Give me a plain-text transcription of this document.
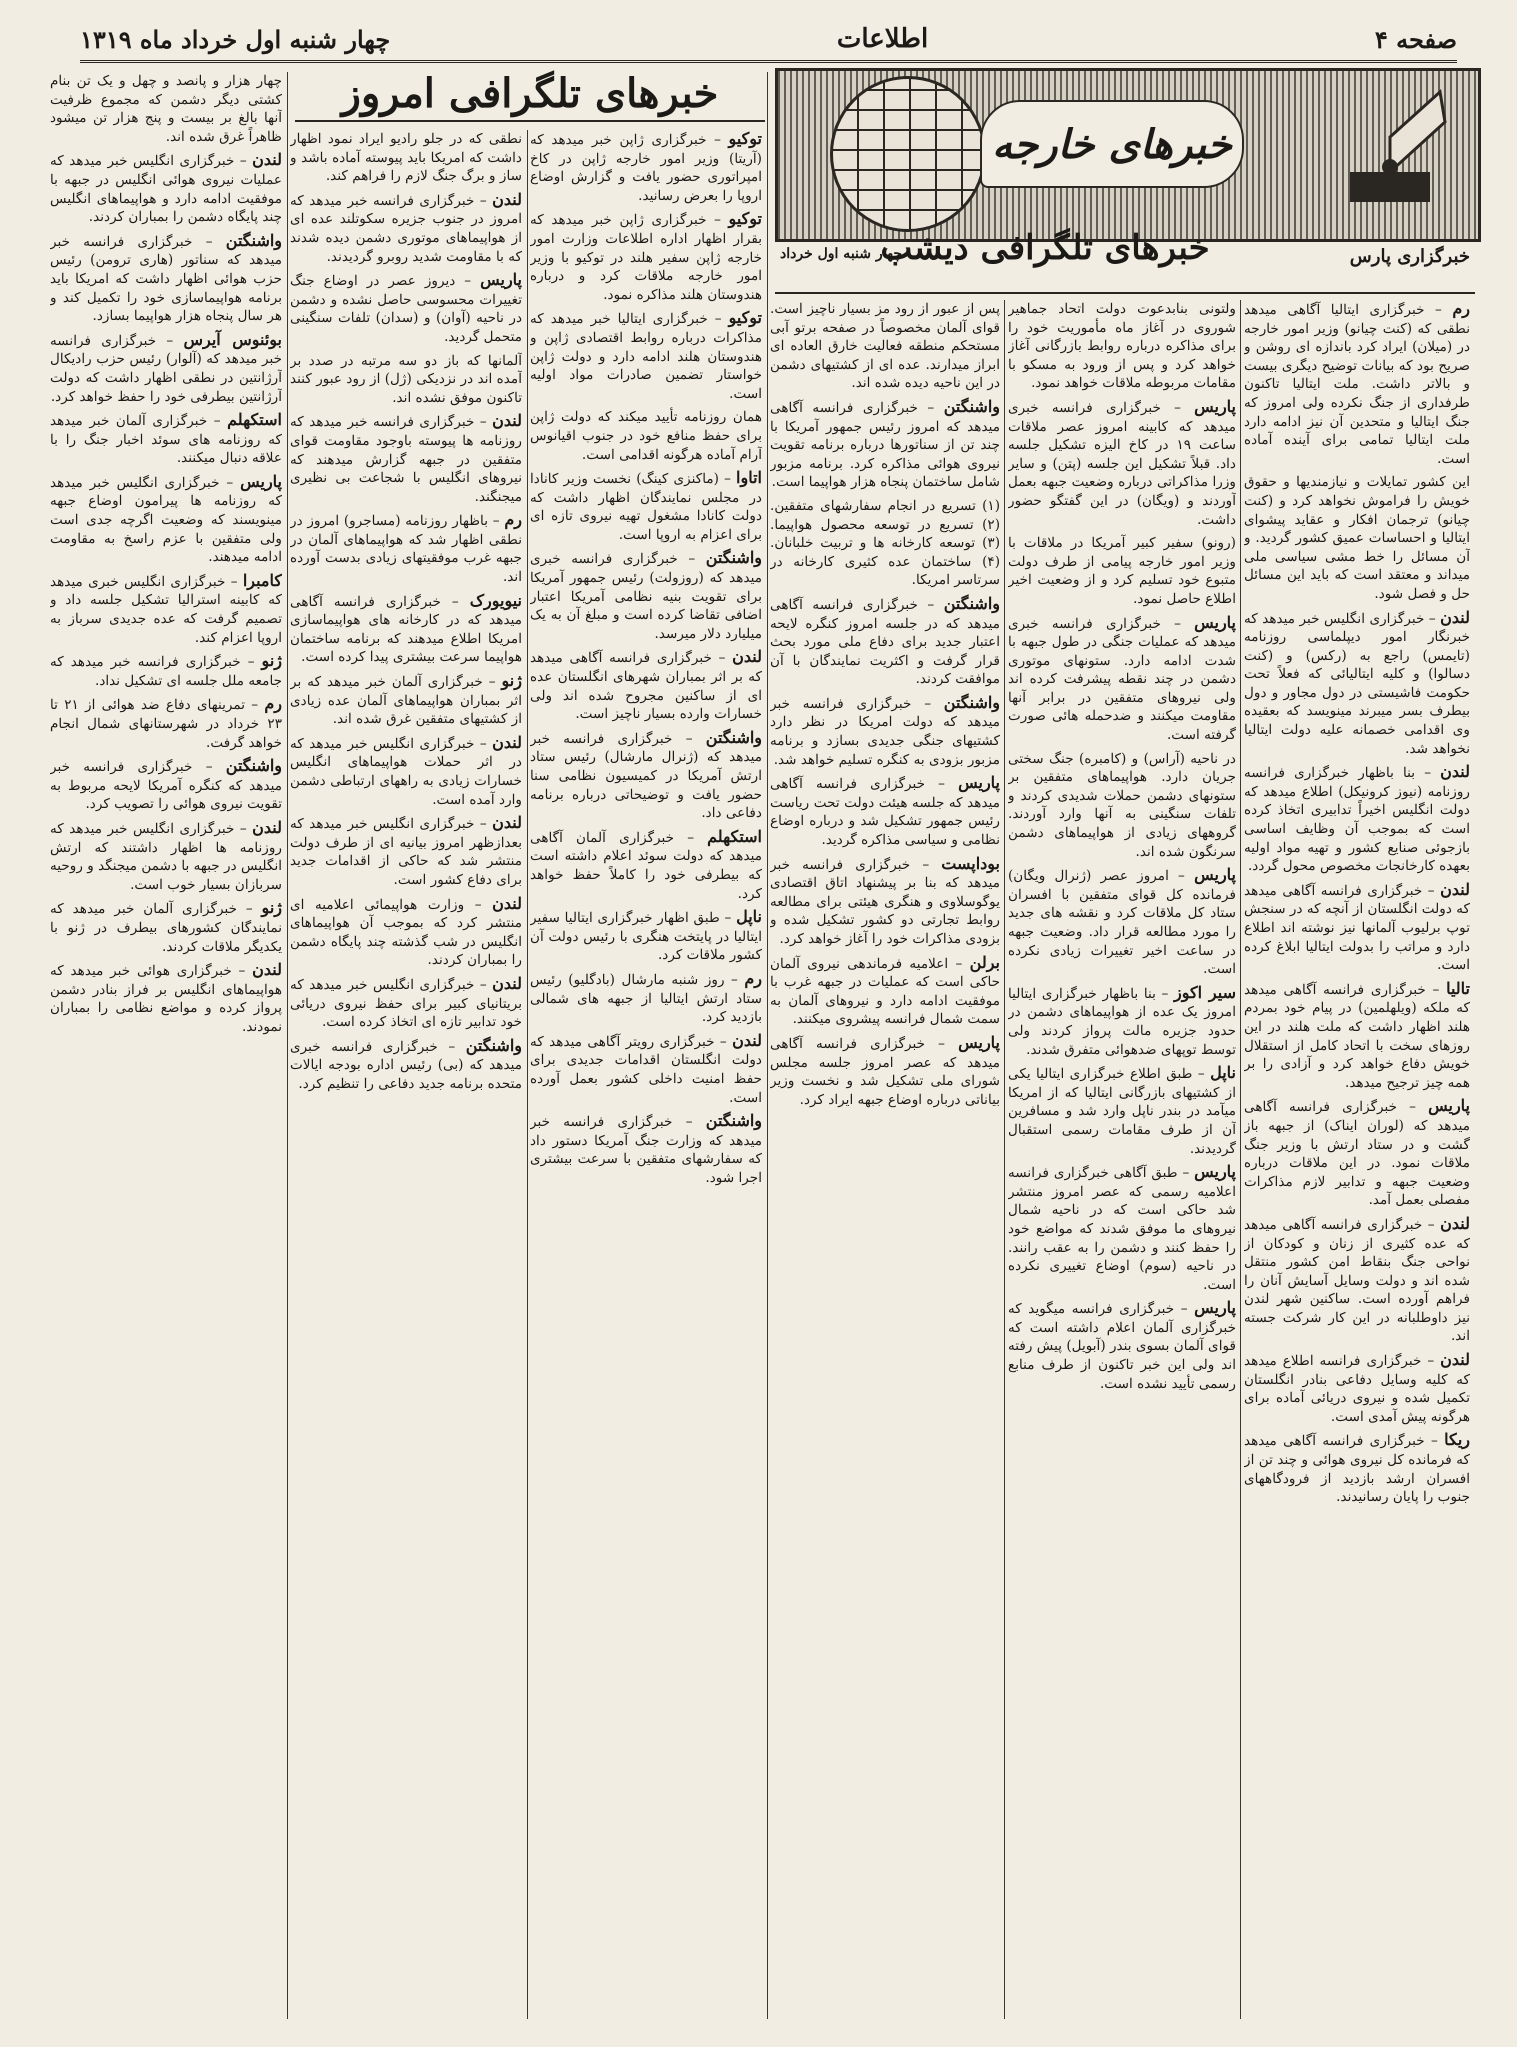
صفحه ۴
اطلاعات
چهار شنبه اول خرداد ماه ۱۳۱۹
خبرهای خارجه
خبرگزاری پارس
خبرهای تلگرافی دیشب
چهار شنبه اول خرداد
خبرهای تلگرافی امروز

رم – خبرگزاری ایتالیا آگاهی میدهد نطقی که (کنت چیانو) وزیر امور خارجه در (میلان) ایراد کرد باندازه ای روشن و صریح بود که بیانات توضیح دیگری بیست و بالاتر داشت. ملت ایتالیا تاکنون طرفداری از جنگ نکرده ولی امروز که جنگ ایتالیا و متحدین آن نیز ادامه دارد ملت ایتالیا تمامی برای آینده آماده است.

این کشور تمایلات و نیازمندیها و حقوق خویش را فراموش نخواهد کرد و (کنت چیانو) ترجمان افکار و عقاید پیشوای ایتالیا و احساسات عمیق کشور گردید. و آن مسائل را خط مشی سیاسی ملی میداند و معتقد است که باید این مسائل حل و فصل شود.

لندن – خبرگزاری انگلیس خبر میدهد که خبرنگار امور دیپلماسی روزنامه (تایمس) راجع به (رکس) و (کنت دسالوا) و کلیه ایتالیائی که فعلاً تحت حکومت فاشیستی در دول مجاور و دول بیطرف بسر میبرند مینویسد که بعقیده وی اقدامی خصمانه علیه دولت ایتالیا نخواهد شد.

لندن – بنا باظهار خبرگزاری فرانسه روزنامه (نیوز کرونیکل) اطلاع میدهد که دولت انگلیس اخیراً تدابیری اتخاذ کرده است که بموجب آن وظایف اساسی بازجوئی صنایع کشور و تهیه مواد اولیه بعهده کارخانجات مخصوص محول گردد.

لندن – خبرگزاری فرانسه آگاهی میدهد که دولت انگلستان از آنچه که در سنجش توپ برلیوب آلمانها نیز نوشته اند اطلاع دارد و مراتب را بدولت ایتالیا ابلاغ کرده است.

تالیا – خبرگزاری فرانسه آگاهی میدهد که ملکه (ویلهلمین) در پیام خود بمردم هلند اظهار داشت که ملت هلند در این روزهای سخت با اتحاد کامل از استقلال خویش دفاع خواهد کرد و آزادی را بر همه چیز ترجیح میدهد.

پاریس – خبرگزاری فرانسه آگاهی میدهد که (لوران ایناک) از جبهه باز گشت و در ستاد ارتش با وزیر جنگ ملاقات نمود. در این ملاقات درباره وضعیت جبهه و تدابیر لازم مذاکرات مفصلی بعمل آمد.

لندن – خبرگزاری فرانسه آگاهی میدهد که عده کثیری از زنان و کودکان از نواحی جنگ بنقاط امن کشور منتقل شده اند و دولت وسایل آسایش آنان را فراهم آورده است. ساکنین شهر لندن نیز داوطلبانه در این کار شرکت جسته اند.

لندن – خبرگزاری فرانسه اطلاع میدهد که کلیه وسایل دفاعی بنادر انگلستان تکمیل شده و نیروی دریائی آماده برای هرگونه پیش آمدی است.

ریکا – خبرگزاری فرانسه آگاهی میدهد که فرمانده کل نیروی هوائی و چند تن از افسران ارشد بازدید از فرودگاههای جنوب را پایان رسانیدند.

ولتونی بنابدعوت دولت اتحاد جماهیر شوروی در آغاز ماه مأموریت خود را برای مذاکره درباره روابط بازرگانی آغاز خواهد کرد و پس از ورود به مسکو با مقامات مربوطه ملاقات خواهد نمود.

پاریس – خبرگزاری فرانسه خبری میدهد که کابینه امروز عصر ملاقات ساعت ۱۹ در کاخ الیزه تشکیل جلسه داد. قبلاً تشکیل این جلسه (پتن) و سایر وزرا مذاکراتی درباره وضعیت جبهه بعمل آوردند و (ویگان) در این گفتگو حضور داشت.

(رونو) سفیر کبیر آمریکا در ملاقات با وزیر امور خارجه پیامی از طرف دولت متبوع خود تسلیم کرد و از وضعیت اخیر اطلاع حاصل نمود.

پاریس – خبرگزاری فرانسه خبری میدهد که عملیات جنگی در طول جبهه با شدت ادامه دارد. ستونهای موتوری دشمن در چند نقطه پیشرفت کرده اند ولی نیروهای متفقین در برابر آنها مقاومت میکنند و ضدحمله هائی صورت گرفته است.

در ناحیه (آراس) و (کامبره) جنگ سختی جریان دارد. هواپیماهای متفقین بر ستونهای دشمن حملات شدیدی کردند و تلفات سنگینی به آنها وارد آوردند. گروههای زیادی از هواپیماهای دشمن سرنگون شده اند.

پاریس – امروز عصر (ژنرال ویگان) فرمانده کل قوای متفقین با افسران ستاد کل ملاقات کرد و نقشه های جدید را مورد مطالعه قرار داد. وضعیت جبهه در ساعت اخیر تغییرات زیادی نکرده است.

سیر اکوز – بنا باظهار خبرگزاری ایتالیا امروز یک عده از هواپیماهای دشمن در حدود جزیره مالت پرواز کردند ولی توسط توپهای ضدهوائی متفرق شدند.

ناپل – طبق اطلاع خبرگزاری ایتالیا یکی از کشتیهای بازرگانی ایتالیا که از امریکا میآمد در بندر ناپل وارد شد و مسافرین آن از طرف مقامات رسمی استقبال گردیدند.

پاریس – طبق آگاهی خبرگزاری فرانسه اعلامیه رسمی که عصر امروز منتشر شد حاکی است که در ناحیه شمال نیروهای ما موفق شدند که مواضع خود را حفظ کنند و دشمن را به عقب رانند. در ناحیه (سوم) اوضاع تغییری نکرده است.

پاریس – خبرگزاری فرانسه میگوید که خبرگزاری آلمان اعلام داشته است که قوای آلمان بسوی بندر (آبویل) پیش رفته اند ولی این خبر تاکنون از طرف منابع رسمی تأیید نشده است.

پس از عبور از رود مز بسیار ناچیز است. قوای آلمان مخصوصاً در صفحه برتو آبی مستحکم منطقه فعالیت خارق العاده ای ابراز میدارند. عده ای از کشتیهای دشمن در این ناحیه دیده شده اند.

واشنگتن – خبرگزاری فرانسه آگاهی میدهد که امروز رئیس جمهور آمریکا با چند تن از سناتورها درباره برنامه تقویت نیروی هوائی مذاکره کرد. برنامه مزبور شامل ساختمان پنجاه هزار هواپیما است.

(۱) تسریع در انجام سفارشهای متفقین. (۲) تسریع در توسعه محصول هواپیما. (۳) توسعه کارخانه ها و تربیت خلبانان. (۴) ساختمان عده کثیری کارخانه در سرتاسر امریکا.

واشنگتن – خبرگزاری فرانسه آگاهی میدهد که در جلسه امروز کنگره لایحه اعتبار جدید برای دفاع ملی مورد بحث قرار گرفت و اکثریت نمایندگان با آن موافقت کردند.

واشنگتن – خبرگزاری فرانسه خبر میدهد که دولت امریکا در نظر دارد کشتیهای جنگی جدیدی بسازد و برنامه مزبور بزودی به کنگره تسلیم خواهد شد.

پاریس – خبرگزاری فرانسه آگاهی میدهد که جلسه هیئت دولت تحت ریاست رئیس جمهور تشکیل شد و درباره اوضاع نظامی و سیاسی مذاکره گردید.

بوداپست – خبرگزاری فرانسه خبر میدهد که بنا بر پیشنهاد اتاق اقتصادی یوگوسلاوی و هنگری هیئتی برای مطالعه روابط تجارتی دو کشور تشکیل شده و بزودی مذاکرات خود را آغاز خواهد کرد.

برلن – اعلامیه فرماندهی نیروی آلمان حاکی است که عملیات در جبهه غرب با موفقیت ادامه دارد و نیروهای آلمان به سمت شمال فرانسه پیشروی میکنند.

پاریس – خبرگزاری فرانسه آگاهی میدهد که عصر امروز جلسه مجلس شورای ملی تشکیل شد و نخست وزیر بیاناتی درباره اوضاع جبهه ایراد کرد.

توکیو – خبرگزاری ژاپن خبر میدهد که (آریتا) وزیر امور خارجه ژاپن در کاخ امپراتوری حضور یافت و گزارش اوضاع اروپا را بعرض رسانید.

توکیو – خبرگزاری ژاپن خبر میدهد که بقرار اظهار اداره اطلاعات وزارت امور خارجه ژاپن سفیر هلند در توکیو با وزیر امور خارجه ملاقات کرد و درباره هندوستان هلند مذاکره نمود.

توکیو – خبرگزاری ایتالیا خبر میدهد که مذاکرات درباره روابط اقتصادی ژاپن و هندوستان هلند ادامه دارد و دولت ژاپن خواستار تضمین صادرات مواد اولیه است.

همان روزنامه تأیید میکند که دولت ژاپن برای حفظ منافع خود در جنوب اقیانوس آرام آماده هرگونه اقدامی است.

اتاوا – (ماکنزی کینگ) نخست وزیر کانادا در مجلس نمایندگان اظهار داشت که دولت کانادا مشغول تهیه نیروی تازه ای برای اعزام به اروپا است.

واشنگتن – خبرگزاری فرانسه خبری میدهد که (روزولت) رئیس جمهور آمریکا برای تقویت بنیه نظامی آمریکا اعتبار اضافی تقاضا کرده است و مبلغ آن به یک میلیارد دلار میرسد.

لندن – خبرگزاری فرانسه آگاهی میدهد که بر اثر بمباران شهرهای انگلستان عده ای از ساکنین مجروح شده اند ولی خسارات وارده بسیار ناچیز است.

واشنگتن – خبرگزاری فرانسه خبر میدهد که (ژنرال مارشال) رئیس ستاد ارتش آمریکا در کمیسیون نظامی سنا حضور یافت و توضیحاتی درباره برنامه دفاعی داد.

استکهلم – خبرگزاری آلمان آگاهی میدهد که دولت سوئد اعلام داشته است که بیطرفی خود را کاملاً حفظ خواهد کرد.

ناپل – طبق اظهار خبرگزاری ایتالیا سفیر ایتالیا در پایتخت هنگری با رئیس دولت آن کشور ملاقات کرد.

رم – روز شنبه مارشال (بادگلیو) رئیس ستاد ارتش ایتالیا از جبهه های شمالی بازدید کرد.

لندن – خبرگزاری رویتر آگاهی میدهد که دولت انگلستان اقدامات جدیدی برای حفظ امنیت داخلی کشور بعمل آورده است.

واشنگتن – خبرگزاری فرانسه خبر میدهد که وزارت جنگ آمریکا دستور داد که سفارشهای متفقین با سرعت بیشتری اجرا شود.

نطقی که در جلو رادیو ایراد نمود اظهار داشت که امریکا باید پیوسته آماده باشد و ساز و برگ جنگ لازم را فراهم کند.

لندن – خبرگزاری فرانسه خبر میدهد که امروز در جنوب جزیره سکوتلند عده ای از هواپیماهای موتوری دشمن دیده شدند که با مقاومت شدید روبرو گردیدند.

پاریس – دیروز عصر در اوضاع جنگ تغییرات محسوسی حاصل نشده و دشمن در ناحیه (آوان) و (سدان) تلفات سنگینی متحمل گردید.

آلمانها که باز دو سه مرتبه در صدد بر آمده اند در نزدیکی (ژل) از رود عبور کنند تاکنون موفق نشده اند.

لندن – خبرگزاری فرانسه خبر میدهد که روزنامه ها پیوسته باوجود مقاومت قوای متفقین در جبهه گزارش میدهند که نیروهای انگلیس با شجاعت بی نظیری میجنگند.

رم – باظهار روزنامه (مساجرو) امروز در نطقی اظهار شد که هواپیماهای آلمان در جبهه غرب موفقیتهای زیادی بدست آورده اند.

نیویورک – خبرگزاری فرانسه آگاهی میدهد که در کارخانه های هواپیماسازی امریکا اطلاع میدهند که برنامه ساختمان هواپیما سرعت بیشتری پیدا کرده است.

ژنو – خبرگزاری آلمان خبر میدهد که بر اثر بمباران هواپیماهای آلمان عده زیادی از کشتیهای متفقین غرق شده اند.

لندن – خبرگزاری انگلیس خبر میدهد که در اثر حملات هواپیماهای انگلیس خسارات زیادی به راههای ارتباطی دشمن وارد آمده است.

لندن – خبرگزاری انگلیس خبر میدهد که بعدازظهر امروز بیانیه ای از طرف دولت منتشر شد که حاکی از اقدامات جدید برای دفاع کشور است.

لندن – وزارت هواپیمائی اعلامیه ای منتشر کرد که بموجب آن هواپیماهای انگلیس در شب گذشته چند پایگاه دشمن را بمباران کردند.

لندن – خبرگزاری انگلیس خبر میدهد که بریتانیای کبیر برای حفظ نیروی دریائی خود تدابیر تازه ای اتخاذ کرده است.

واشنگتن – خبرگزاری فرانسه خبری میدهد که (بی) رئیس اداره بودجه ایالات متحده برنامه جدید دفاعی را تنظیم کرد.

چهار هزار و پانصد و چهل و یک تن بنام کشتی دیگر دشمن که مجموع ظرفیت آنها بالغ بر بیست و پنج هزار تن میشود ظاهراً غرق شده اند.

لندن – خبرگزاری انگلیس خبر میدهد که عملیات نیروی هوائی انگلیس در جبهه با موفقیت ادامه دارد و هواپیماهای انگلیس چند پایگاه دشمن را بمباران کردند.

واشنگتن – خبرگزاری فرانسه خبر میدهد که سناتور (هاری ترومن) رئیس حزب هوائی اظهار داشت که امریکا باید برنامه هواپیماسازی خود را تکمیل کند و هر سال پنجاه هزار هواپیما بسازد.

بوئنوس آیرس – خبرگزاری فرانسه خبر میدهد که (آلوار) رئیس حزب رادیکال آرژانتین در نطقی اظهار داشت که دولت آرژانتین بیطرفی خود را حفظ خواهد کرد.

استکهلم – خبرگزاری آلمان خبر میدهد که روزنامه های سوئد اخبار جنگ را با علاقه دنبال میکنند.

پاریس – خبرگزاری انگلیس خبر میدهد که روزنامه ها پیرامون اوضاع جبهه مینویسند که وضعیت اگرچه جدی است ولی متفقین با عزم راسخ به مقاومت ادامه میدهند.

کامبرا – خبرگزاری انگلیس خبری میدهد که کابینه استرالیا تشکیل جلسه داد و تصمیم گرفت که عده جدیدی سرباز به اروپا اعزام کند.

ژنو – خبرگزاری فرانسه خبر میدهد که جامعه ملل جلسه ای تشکیل نداد.

رم – تمرینهای دفاع ضد هوائی از ۲۱ تا ۲۳ خرداد در شهرستانهای شمال انجام خواهد گرفت.

واشنگتن – خبرگزاری فرانسه خبر میدهد که کنگره آمریکا لایحه مربوط به تقویت نیروی هوائی را تصویب کرد.

لندن – خبرگزاری انگلیس خبر میدهد که روزنامه ها اظهار داشتند که ارتش انگلیس در جبهه با دشمن میجنگد و روحیه سربازان بسیار خوب است.

ژنو – خبرگزاری آلمان خبر میدهد که نمایندگان کشورهای بیطرف در ژنو با یکدیگر ملاقات کردند.

لندن – خبرگزاری هوائی خبر میدهد که هواپیماهای انگلیس بر فراز بنادر دشمن پرواز کرده و مواضع نظامی را بمباران نمودند.
